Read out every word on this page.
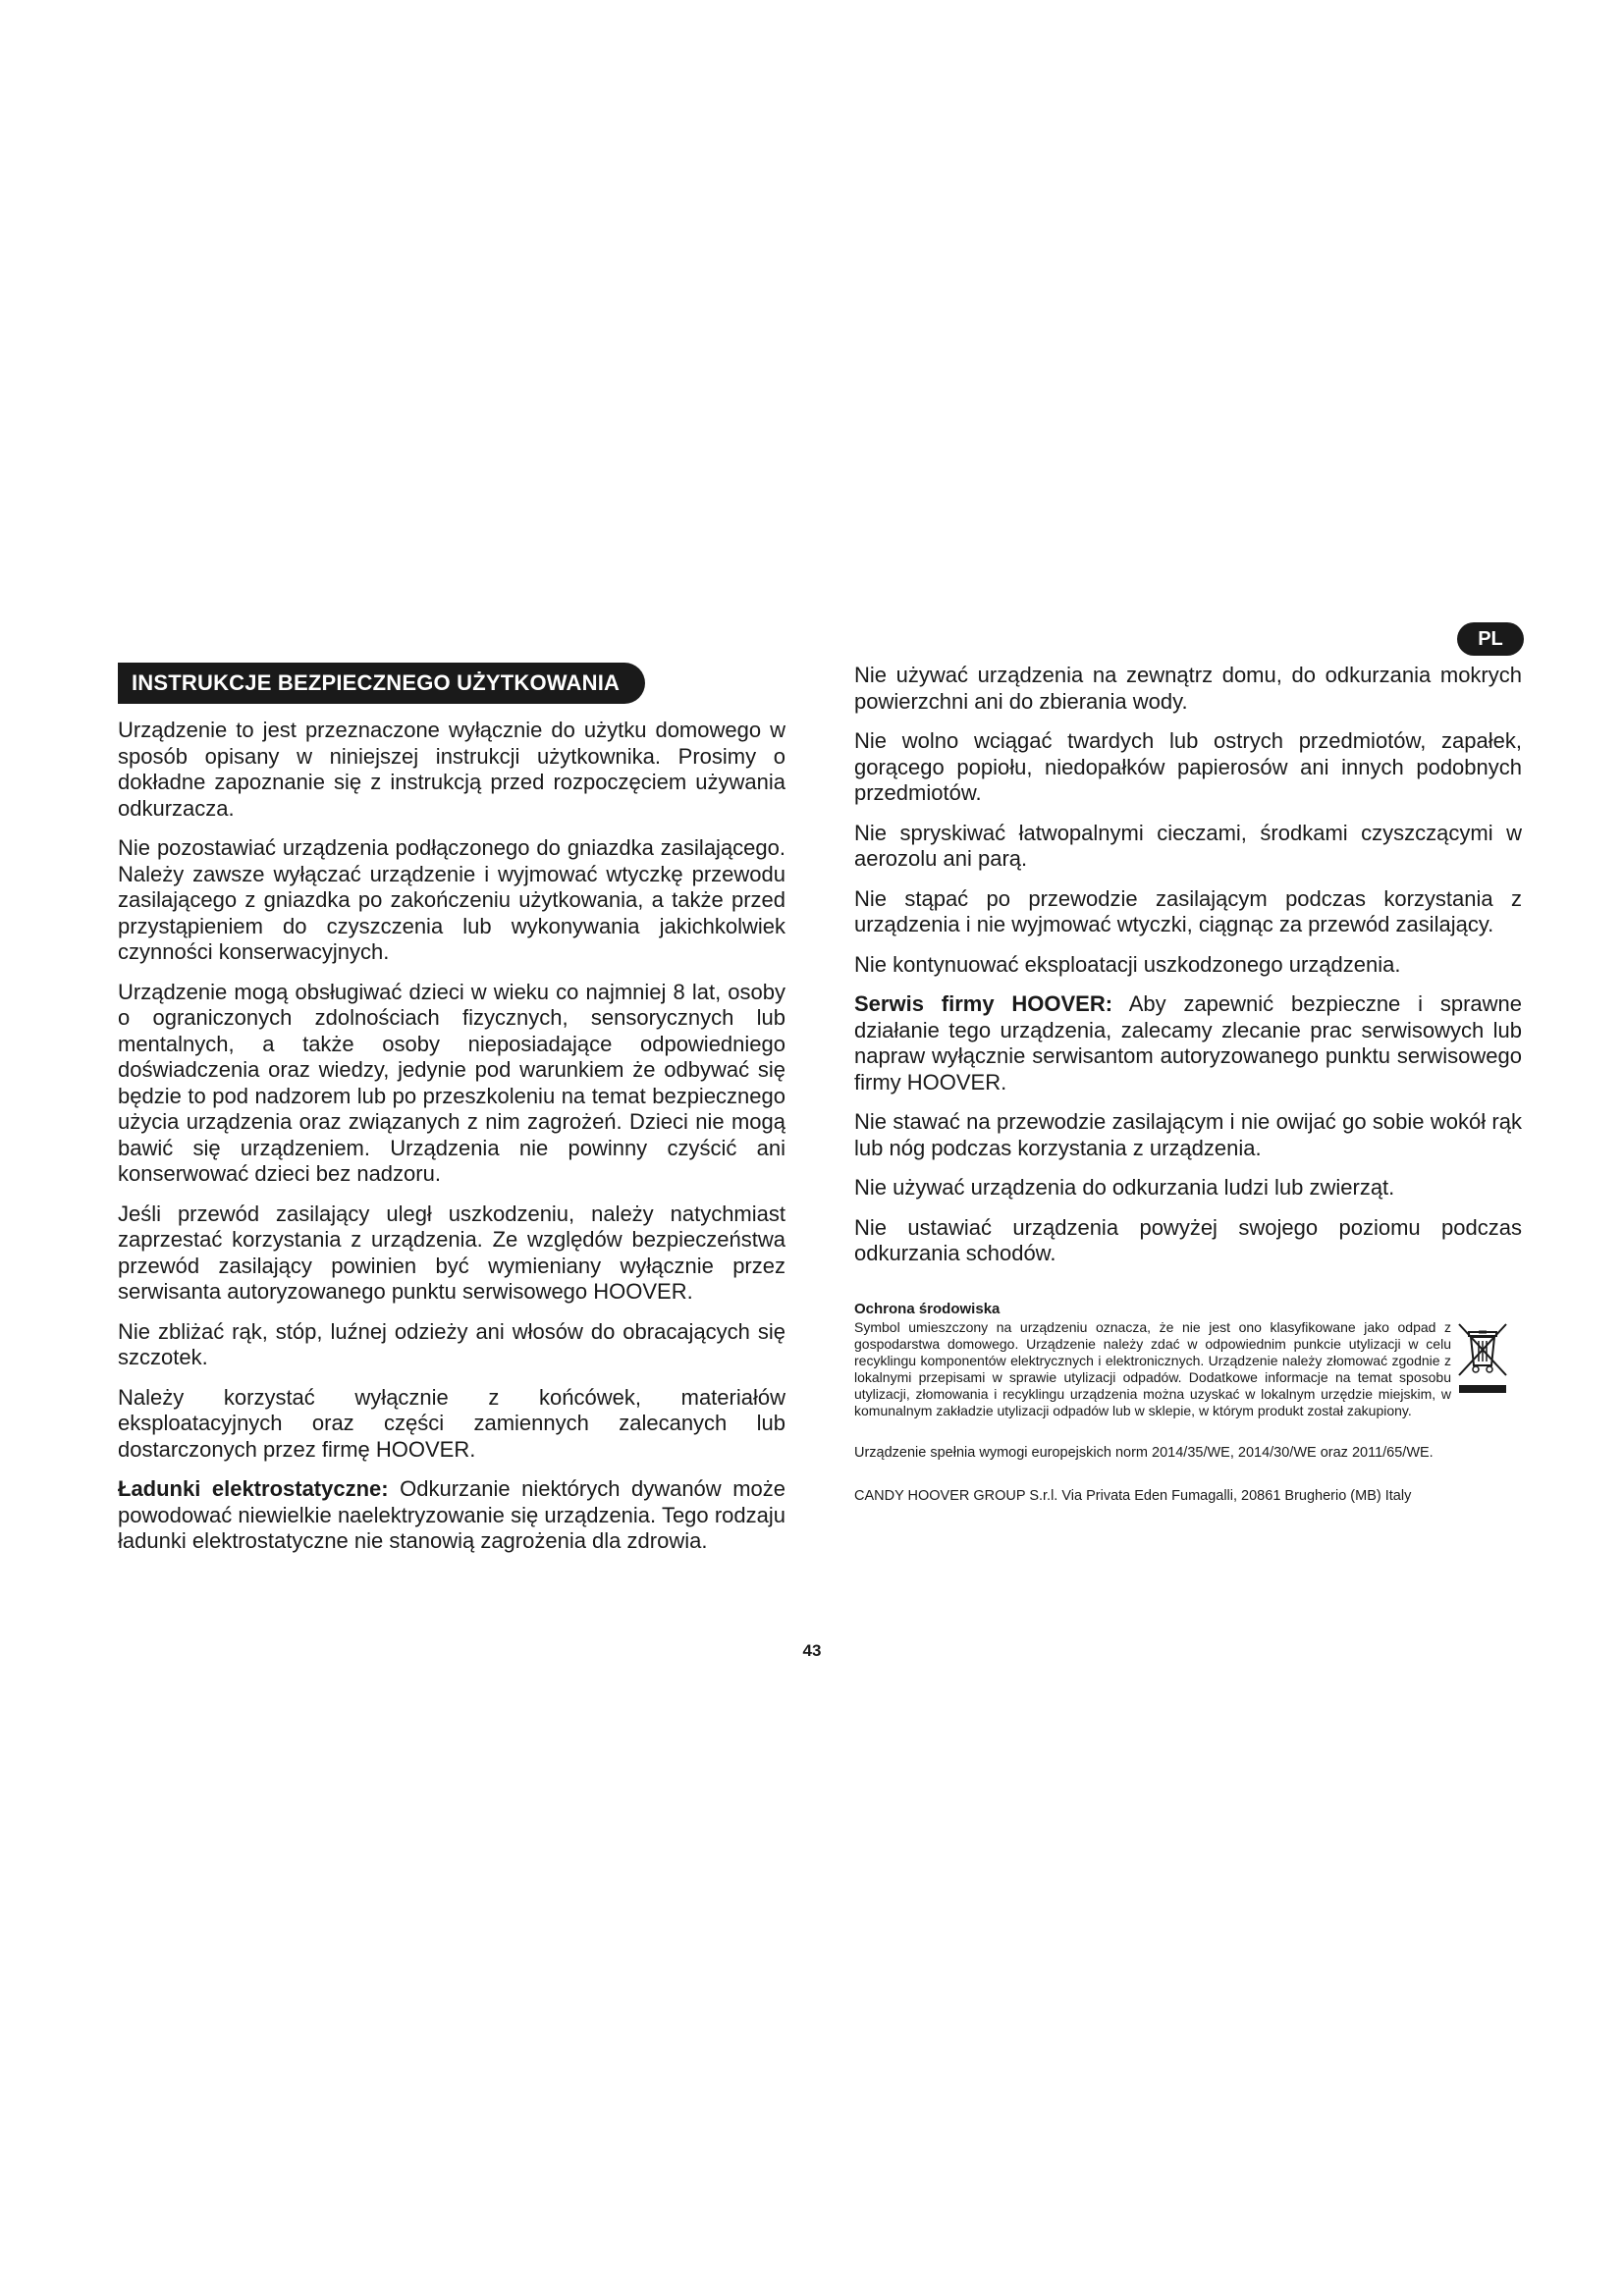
PL
INSTRUKCJE BEZPIECZNEGO UŻYTKOWANIA

Urządzenie to jest przeznaczone wyłącznie do użytku domowego w sposób opisany w niniejszej instrukcji użytkownika. Prosimy o dokładne zapoznanie się z instrukcją przed rozpoczęciem używania odkurzacza.

Nie pozostawiać urządzenia podłączonego do gniazdka zasilającego. Należy zawsze wyłączać urządzenie i wyjmować wtyczkę przewodu zasilającego z gniazdka po zakończeniu użytkowania, a także przed przystąpieniem do czyszczenia lub wykonywania jakichkolwiek czynności konserwacyjnych.

Urządzenie mogą obsługiwać dzieci w wieku co najmniej 8 lat, osoby o ograniczonych zdolnościach fizycznych, sensorycznych lub mentalnych, a także osoby nieposiadające odpowiedniego doświadczenia oraz wiedzy, jedynie pod warunkiem że odbywać się będzie to pod nadzorem lub po przeszkoleniu na temat bezpiecznego użycia urządzenia oraz związanych z nim zagrożeń. Dzieci nie mogą bawić się urządzeniem. Urządzenia nie powinny czyścić ani konserwować dzieci bez nadzoru.

Jeśli przewód zasilający uległ uszkodzeniu, należy natychmiast zaprzestać korzystania z urządzenia. Ze względów bezpieczeństwa przewód zasilający powinien być wymieniany wyłącznie przez serwisanta autoryzowanego punktu serwisowego HOOVER.

Nie zbliżać rąk, stóp, luźnej odzieży ani włosów do obracających się szczotek.

Należy korzystać wyłącznie z końcówek, materiałów eksploatacyjnych oraz części zamiennych zalecanych lub dostarczonych przez firmę HOOVER.

Ładunki elektrostatyczne: Odkurzanie niektórych dywanów może powodować niewielkie naelektryzowanie się urządzenia. Tego rodzaju ładunki elektrostatyczne nie stanowią zagrożenia dla zdrowia.

Nie używać urządzenia na zewnątrz domu, do odkurzania mokrych powierzchni ani do zbierania wody.

Nie wolno wciągać twardych lub ostrych przedmiotów, zapałek, gorącego popiołu, niedopałków papierosów ani innych podobnych przedmiotów.

Nie spryskiwać łatwopalnymi cieczami, środkami czyszczącymi w aerozolu ani parą.

Nie stąpać po przewodzie zasilającym podczas korzystania z urządzenia i nie wyjmować wtyczki, ciągnąc za przewód zasilający.

Nie kontynuować eksploatacji uszkodzonego urządzenia.

Serwis firmy HOOVER: Aby zapewnić bezpieczne i sprawne działanie tego urządzenia, zalecamy zlecanie prac serwisowych lub napraw wyłącznie serwisantom autoryzowanego punktu serwisowego firmy HOOVER.

Nie stawać na przewodzie zasilającym i nie owijać go sobie wokół rąk lub nóg podczas korzystania z urządzenia.

Nie używać urządzenia do odkurzania ludzi lub zwierząt.

Nie ustawiać urządzenia powyżej swojego poziomu podczas odkurzania schodów.

Ochrona środowiska

Symbol umieszczony na urządzeniu oznacza, że nie jest ono klasyfikowane jako odpad z gospodarstwa domowego. Urządzenie należy zdać w odpowiednim punkcie utylizacji w celu recyklingu komponentów elektrycznych i elektronicznych. Urządzenie należy złomować zgodnie z lokalnymi przepisami w sprawie utylizacji odpadów. Dodatkowe informacje na temat sposobu utylizacji, złomowania i recyklingu urządzenia można uzyskać w lokalnym urzędzie miejskim, w komunalnym zakładzie utylizacji odpadów lub w sklepie, w którym produkt został zakupiony.

Urządzenie spełnia wymogi europejskich norm 2014/35/WE, 2014/30/WE oraz 2011/65/WE.

CANDY HOOVER GROUP S.r.l. Via Privata Eden Fumagalli, 20861 Brugherio (MB) Italy

43
